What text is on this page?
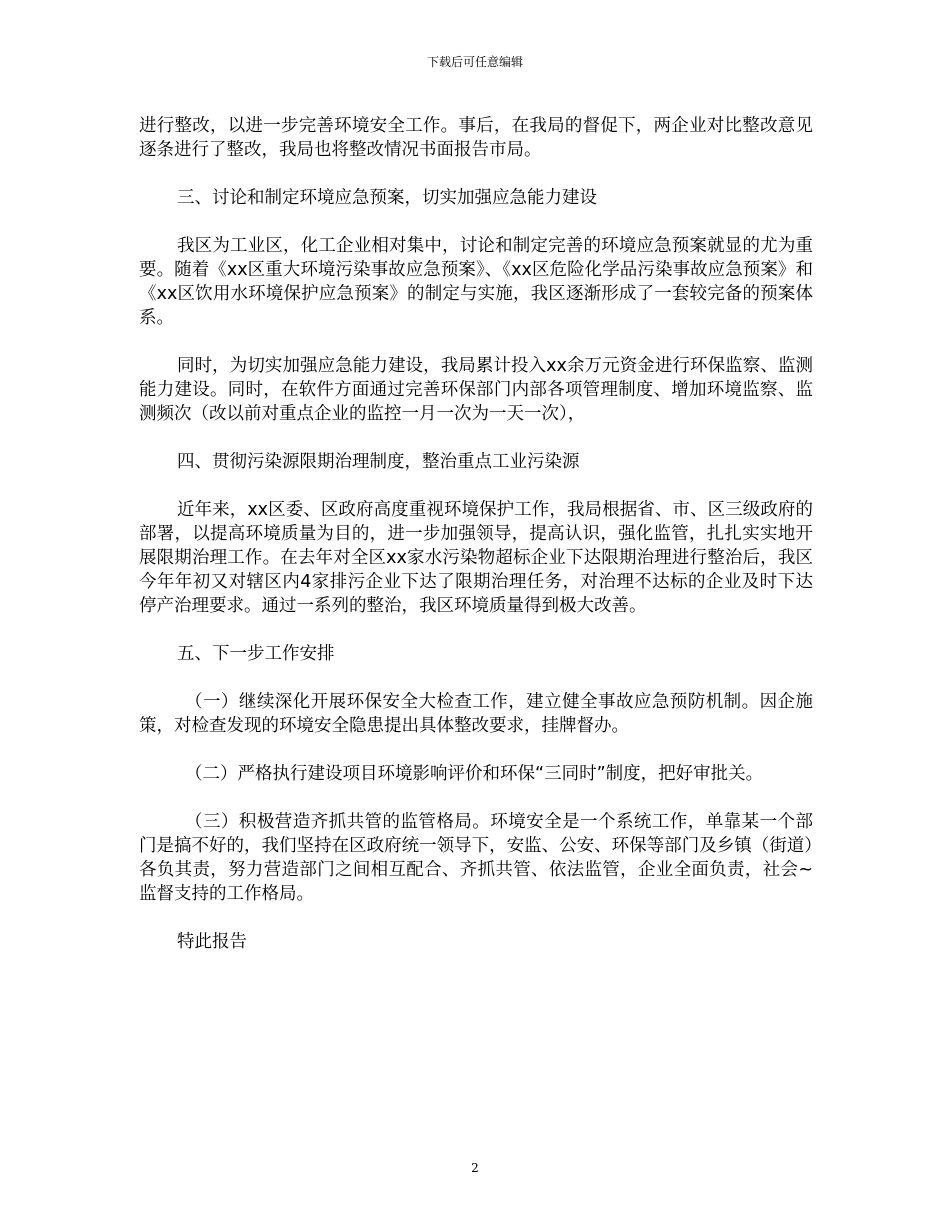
下载后可任意编辑

进行整改，以进一步完善环境安全工作。事后，在我局的督促下，两企业对比整改意见逐条进行了整改，我局也将整改情况书面报告市局。

三、讨论和制定环境应急预案，切实加强应急能力建设

我区为工业区，化工企业相对集中，讨论和制定完善的环境应急预案就显的尤为重要。随着《xx区重大环境污染事故应急预案》、《xx区危险化学品污染事故应急预案》和《xx区饮用水环境保护应急预案》的制定与实施，我区逐渐形成了一套较完备的预案体系。

同时，为切实加强应急能力建设，我局累计投入xx余万元资金进行环保监察、监测能力建设。同时，在软件方面通过完善环保部门内部各项管理制度、增加环境监察、监测频次（改以前对重点企业的监控一月一次为一天一次），

四、贯彻污染源限期治理制度，整治重点工业污染源

近年来，xx区委、区政府高度重视环境保护工作，我局根据省、市、区三级政府的部署，以提高环境质量为目的，进一步加强领导，提高认识，强化监管，扎扎实实地开展限期治理工作。在去年对全区xx家水污染物超标企业下达限期治理进行整治后，我区今年年初又对辖区内4家排污企业下达了限期治理任务，对治理不达标的企业及时下达停产治理要求。通过一系列的整治，我区环境质量得到极大改善。

五、下一步工作安排

（一）继续深化开展环保安全大检查工作，建立健全事故应急预防机制。因企施策，对检查发现的环境安全隐患提出具体整改要求，挂牌督办。

（二）严格执行建设项目环境影响评价和环保“三同时”制度，把好审批关。

（三）积极营造齐抓共管的监管格局。环境安全是一个系统工作，单靠某一个部门是搞不好的，我们坚持在区政府统一领导下，安监、公安、环保等部门及乡镇（街道）各负其责，努力营造部门之间相互配合、齐抓共管、依法监管，企业全面负责，社会~监督支持的工作格局。

特此报告

2
